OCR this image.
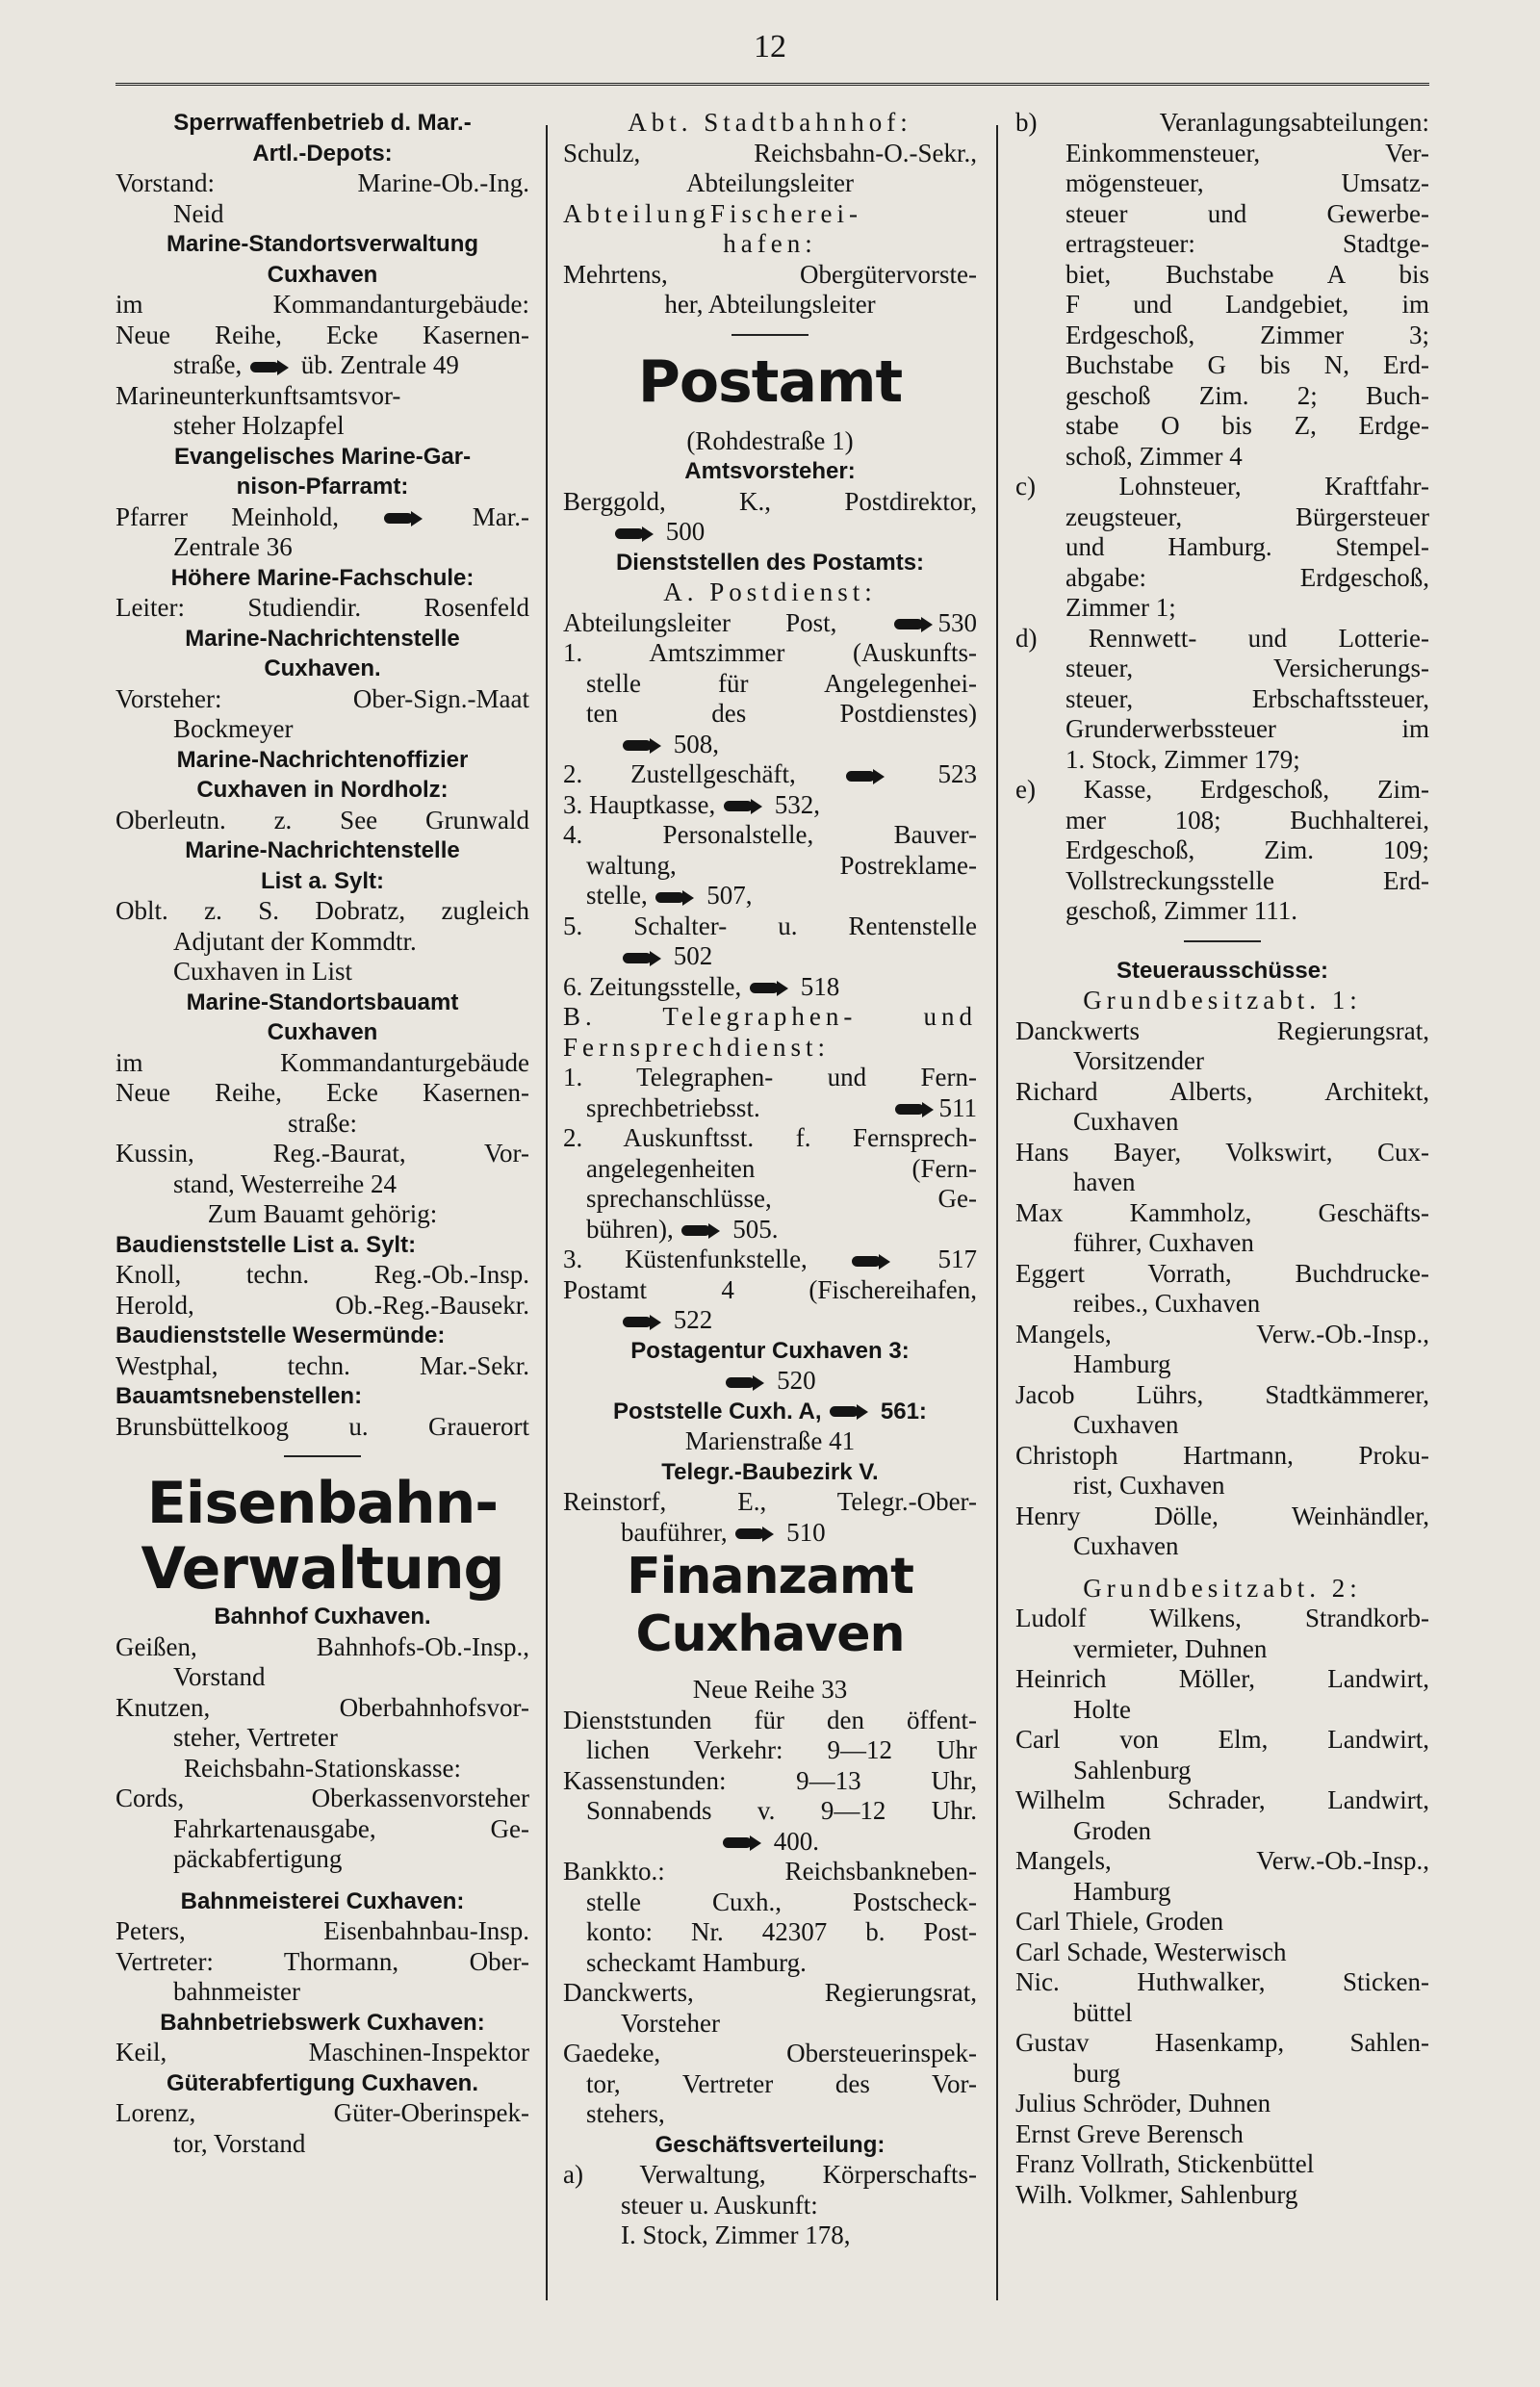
12
Sperrwaffenbetrieb d. Mar.-
Artl.-Depots:
Vorstand: Marine-Ob.-Ing.
Neid
Marine-Standortsverwaltung
Cuxhaven
im Kommandanturgebäude:
Neue Reihe, Ecke Kasernen-
straße, üb. Zentrale 49
Marineunterkunftsamtsvor-
steher Holzapfel
Evangelisches Marine-Gar-
nison-Pfarramt:
Pfarrer Meinhold,	Mar.-
Zentrale 36
Höhere Marine-Fachschule:
Leiter: Studiendir. Rosenfeld
Marine-Nachrichtenstelle
Cuxhaven.
Vorsteher: Ober-Sign.-Maat
Bockmeyer
Marine-Nachrichtenoffizier
Cuxhaven in Nordholz:
Oberleutn. z. See Grunwald
Marine-Nachrichtenstelle
List a. Sylt:
Oblt. z. S. Dobratz, zugleich
Adjutant der Kommdtr.
Cuxhaven in List
Marine-Standortsbauamt
Cuxhaven
im Kommandanturgebäude
Neue Reihe, Ecke Kasernen-
straße:
Kussin, Reg.-Baurat, Vor-
stand, Westerreihe 24
Zum Bauamt gehörig:
Baudienststelle List a. Sylt:
Knoll, techn. Reg.-Ob.-Insp.
Herold, Ob.-Reg.-Bausekr.
Baudienststelle Wesermünde:
Westphal, techn. Mar.-Sekr.
Bauamtsnebenstellen:
Brunsbüttelkoog u. Grauerort
Eisenbahn-
Verwaltung
Bahnhof Cuxhaven.
Geißen, Bahnhofs-Ob.-Insp.,
Vorstand
Knutzen, Oberbahnhofsvor-
steher, Vertreter
Reichsbahn-Stationskasse:
Cords, Oberkassenvorsteher
Fahrkartenausgabe, Ge-
päckabfertigung
Bahnmeisterei Cuxhaven:
Peters, Eisenbahnbau-Insp.
Vertreter: Thormann, Ober-
bahnmeister
Bahnbetriebswerk Cuxhaven:
Keil, Maschinen-Inspektor
Güterabfertigung Cuxhaven.
Lorenz, Güter-Oberinspek-
tor, Vorstand
Abt. Stadtbahnhof:
Schulz, Reichsbahn-O.-Sekr.,
Abteilungsleiter
AbteilungFischerei-
hafen:
Mehrtens, Obergütervorste-
her, Abteilungsleiter
Postamt
(Rohdestraße 1)
Amtsvorsteher:
Berggold, K., Postdirektor,
500
Dienststellen des Postamts:
A. Postdienst:
Abteilungsleiter Post,	530
1. Amtszimmer (Auskunfts-
stelle für Angelegenhei-
ten des Postdienstes)
508,
2. Zustellgeschäft,	523
3. Hauptkasse, 532,
4. Personalstelle, Bauver-
waltung, Postreklame-
stelle, 507,
5. Schalter- u. Rentenstelle
502
6. Zeitungsstelle, 518
B. Telegraphen- und
Fernsprechdienst:
1. Telegraphen- und Fern-
sprechbetriebsst.	511
2. Auskunftsst. f. Fernsprech-
angelegenheiten (Fern-
sprechanschlüsse, Ge-
bühren), 505.
3. Küstenfunkstelle,	517
Postamt 4 (Fischereihafen,
522
Postagentur Cuxhaven 3:
520
Poststelle Cuxh. A,	561:
Marienstraße 41
Telegr.-Baubezirk V.
Reinstorf, E., Telegr.-Ober-
bauführer, 510
Finanzamt
Cuxhaven
Neue Reihe 33
Dienststunden für den öffent-
lichen Verkehr: 9—12 Uhr
Kassenstunden: 9—13 Uhr,
Sonnabends v. 9—12 Uhr.
400.
Bankkto.: Reichsbankneben-
stelle Cuxh., Postscheck-
konto: Nr. 42307 b. Post-
scheckamt Hamburg.
Danckwerts, Regierungsrat,
Vorsteher
Gaedeke, Obersteuerinspek-
tor, Vertreter des Vor-
stehers,
Geschäftsverteilung:
a) Verwaltung, Körperschafts-
steuer u. Auskunft:
I. Stock, Zimmer 178,
b) Veranlagungsabteilungen:
Einkommensteuer, Ver-
mögensteuer, Umsatz-
steuer und Gewerbe-
ertragsteuer: Stadtge-
biet, Buchstabe A bis
F und Landgebiet, im
Erdgeschoß, Zimmer 3;
Buchstabe G bis N, Erd-
geschoß Zim. 2; Buch-
stabe O bis Z, Erdge-
schoß, Zimmer 4
c) Lohnsteuer, Kraftfahr-
zeugsteuer, Bürgersteuer
und Hamburg. Stempel-
abgabe: Erdgeschoß,
Zimmer 1;
d) Rennwett- und Lotterie-
steuer, Versicherungs-
steuer, Erbschaftssteuer,
Grunderwerbssteuer im
1. Stock, Zimmer 179;
e) Kasse, Erdgeschoß, Zim-
mer 108; Buchhalterei,
Erdgeschoß, Zim. 109;
Vollstreckungsstelle Erd-
geschoß, Zimmer 111.
Steuerausschüsse:
Grundbesitzabt. 1:
Danckwerts Regierungsrat,
Vorsitzender
Richard Alberts, Architekt,
Cuxhaven
Hans Bayer, Volkswirt, Cux-
haven
Max Kammholz, Geschäfts-
führer, Cuxhaven
Eggert Vorrath, Buchdrucke-
reibes., Cuxhaven
Mangels, Verw.-Ob.-Insp.,
Hamburg
Jacob Lührs, Stadtkämmerer,
Cuxhaven
Christoph Hartmann, Proku-
rist, Cuxhaven
Henry Dölle, Weinhändler,
Cuxhaven
Grundbesitzabt. 2:
Ludolf Wilkens, Strandkorb-
vermieter, Duhnen
Heinrich Möller, Landwirt,
Holte
Carl von Elm, Landwirt,
Sahlenburg
Wilhelm Schrader, Landwirt,
Groden
Mangels, Verw.-Ob.-Insp.,
Hamburg
Carl Thiele, Groden
Carl Schade, Westerwisch
Nic. Huthwalker, Sticken-
büttel
Gustav Hasenkamp, Sahlen-
burg
Julius Schröder, Duhnen
Ernst Greve Berensch
Franz Vollrath, Stickenbüttel
Wilh. Volkmer, Sahlenburg
